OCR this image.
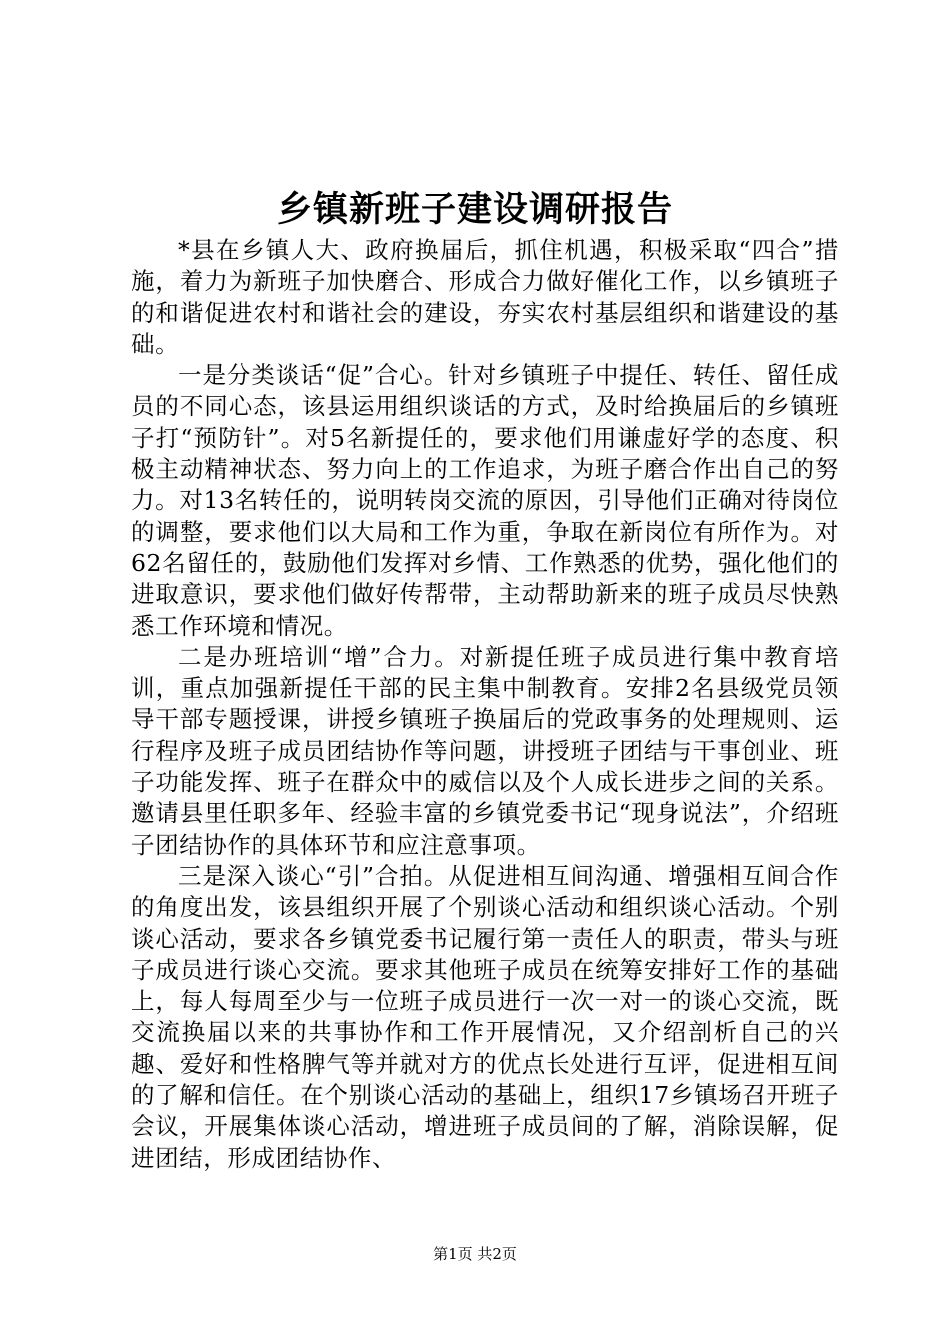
乡镇新班子建设调研报告

*县在乡镇人大、政府换届后，抓住机遇，积极采取“四合”措施，着力为新班子加快磨合、形成合力做好催化工作，以乡镇班子的和谐促进农村和谐社会的建设，夯实农村基层组织和谐建设的基础。

一是分类谈话“促”合心。针对乡镇班子中提任、转任、留任成员的不同心态，该县运用组织谈话的方式，及时给换届后的乡镇班子打“预防针”。对5名新提任的，要求他们用谦虚好学的态度、积极主动精神状态、努力向上的工作追求，为班子磨合作出自己的努力。对13名转任的，说明转岗交流的原因，引导他们正确对待岗位的调整，要求他们以大局和工作为重，争取在新岗位有所作为。对62名留任的，鼓励他们发挥对乡情、工作熟悉的优势，强化他们的进取意识，要求他们做好传帮带，主动帮助新来的班子成员尽快熟悉工作环境和情况。

二是办班培训“增”合力。对新提任班子成员进行集中教育培训，重点加强新提任干部的民主集中制教育。安排2名县级党员领导干部专题授课，讲授乡镇班子换届后的党政事务的处理规则、运行程序及班子成员团结协作等问题，讲授班子团结与干事创业、班子功能发挥、班子在群众中的威信以及个人成长进步之间的关系。邀请县里任职多年、经验丰富的乡镇党委书记“现身说法”，介绍班子团结协作的具体环节和应注意事项。

三是深入谈心“引”合拍。从促进相互间沟通、增强相互间合作的角度出发，该县组织开展了个别谈心活动和组织谈心活动。个别谈心活动，要求各乡镇党委书记履行第一责任人的职责，带头与班子成员进行谈心交流。要求其他班子成员在统筹安排好工作的基础上，每人每周至少与一位班子成员进行一次一对一的谈心交流，既交流换届以来的共事协作和工作开展情况，又介绍剖析自己的兴趣、爱好和性格脾气等并就对方的优点长处进行互评，促进相互间的了解和信任。在个别谈心活动的基础上，组织17乡镇场召开班子会议，开展集体谈心活动，增进班子成员间的了解，消除误解，促进团结，形成团结协作、

第1页 共2页
